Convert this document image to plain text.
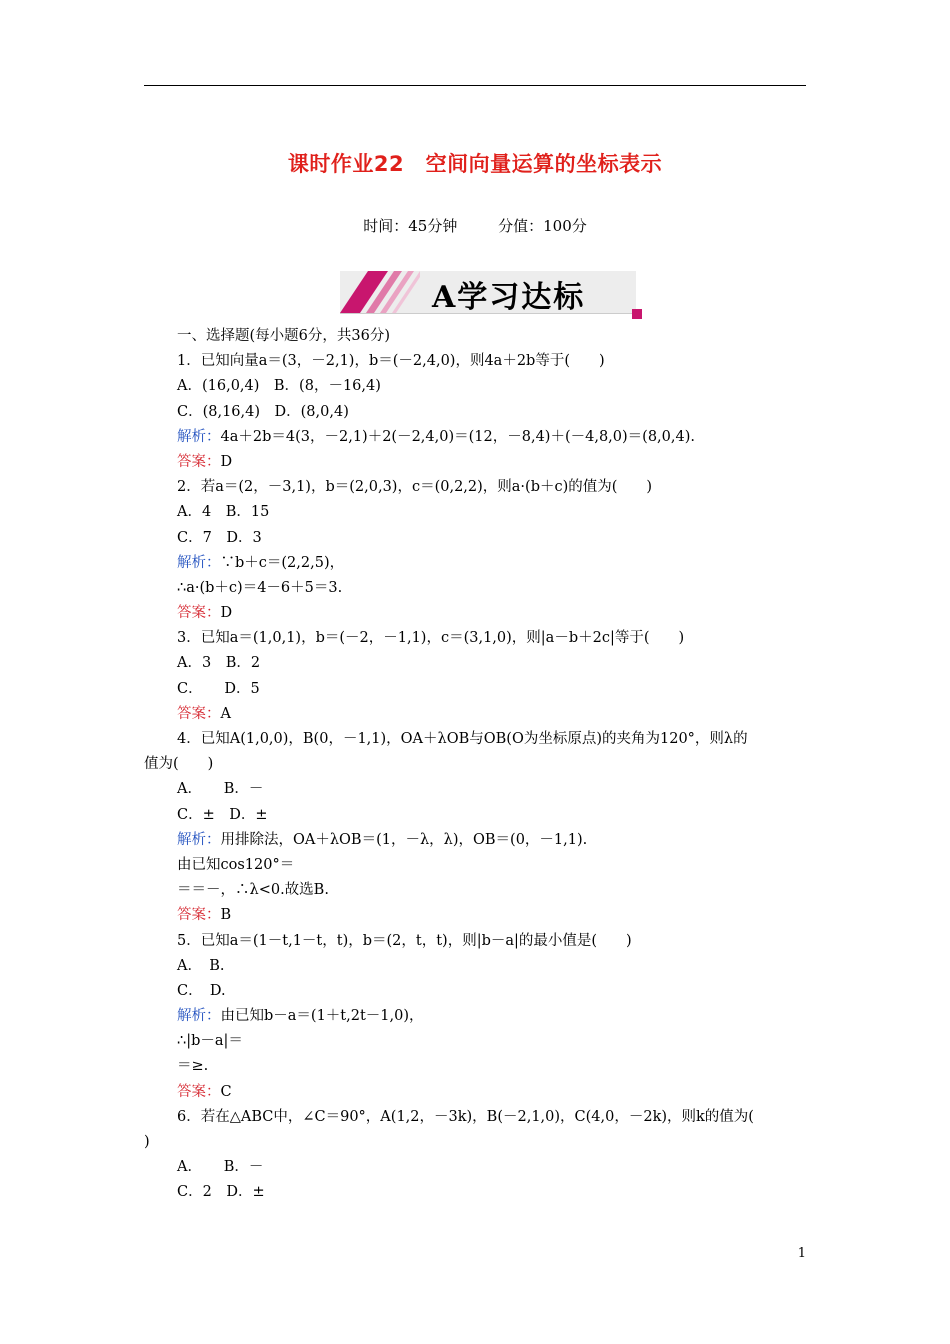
课时作业22　空间向量运算的坐标表示
时间：45分钟	分值：100分
A学习达标
一、选择题(每小题6分，共36分)
1．已知向量a＝(3，－2,1)，b＝(－2,4,0)，则4a＋2b等于(　　)
A．(16,0,4)　B．(8，－16,4)
C．(8,16,4)　D．(8,0,4)
解析：4a＋2b＝4(3，－2,1)＋2(－2,4,0)＝(12，－8,4)＋(－4,8,0)＝(8,0,4).
答案：D
2．若a＝(2，－3,1)，b＝(2,0,3)，c＝(0,2,2)，则a·(b＋c)的值为(　　)
A．4　B．15
C．7　D．3
解析：∵b＋c＝(2,2,5)，
∴a·(b＋c)＝4－6＋5＝3.
答案：D
3．已知a＝(1,0,1)，b＝(－2，－1,1)，c＝(3,1,0)，则|a－b＋2c|等于(　　)
A．3　B．2
C．　　D．5
答案：A
4．已知A(1,0,0)，B(0，－1,1)，OA＋λOB与OB(O为坐标原点)的夹角为120°，则λ的
值为(　　)
A．　　B．－
C．±　D．±
解析：用排除法，OA＋λOB＝(1，－λ，λ)，OB＝(0，－1,1).
由已知cos120°＝
＝＝－，∴λ<0.故选B.
答案：B
5．已知a＝(1－t,1－t，t)，b＝(2，t，t)，则|b－a|的最小值是(　　)
A．　B.
C．　D.
解析：由已知b－a＝(1＋t,2t－1,0)，
∴|b－a|＝
＝≥.
答案：C
6．若在△ABC中，∠C＝90°，A(1,2，－3k)，B(－2,1,0)，C(4,0，－2k)，则k的值为(
)
A．　　B．－
C．2　D．±
1
